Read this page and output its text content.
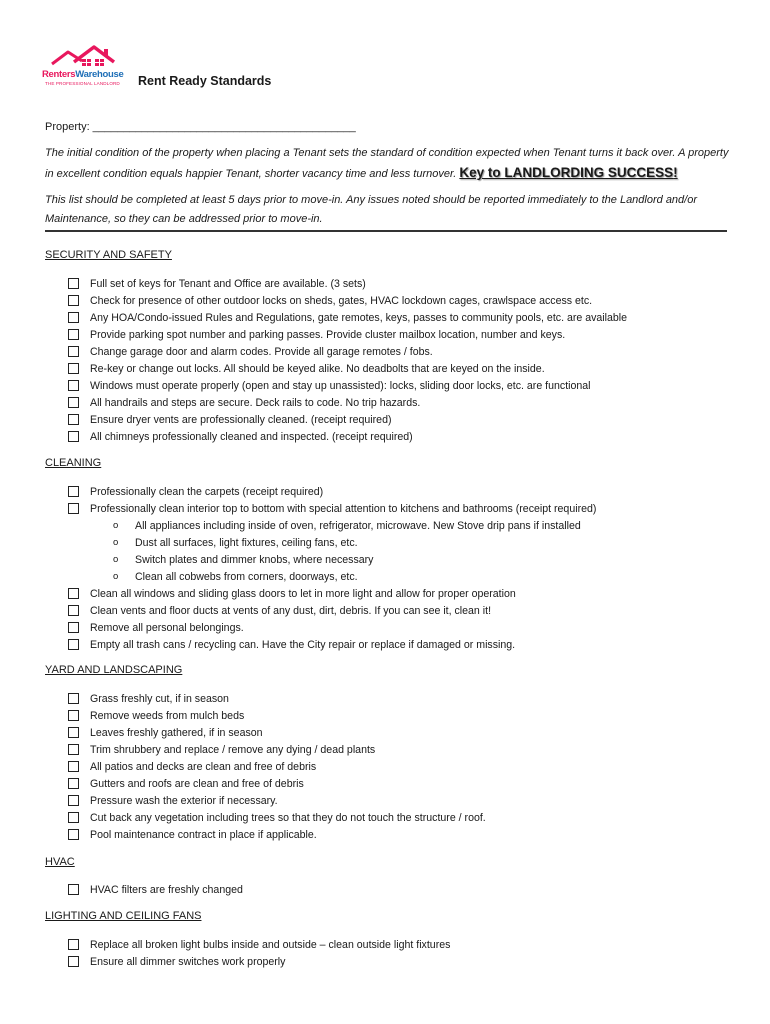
RentersWarehouse
THE PROFESSIONAL LANDLORD Rent Ready Standards
Property: ___________________________________________
The initial condition of the property when placing a Tenant sets the standard of condition expected when Tenant turns it back over. A property in excellent condition equals happier Tenant, shorter vacancy time and less turnover. Key to LANDLORDING SUCCESS!
This list should be completed at least 5 days prior to move-in. Any issues noted should be reported immediately to the Landlord and/or Maintenance, so they can be addressed prior to move-in.
SECURITY AND SAFETY
Full set of keys for Tenant and Office are available. (3 sets)
Check for presence of other outdoor locks on sheds, gates, HVAC lockdown cages, crawlspace access etc.
Any HOA/Condo-issued Rules and Regulations, gate remotes, keys, passes to community pools, etc. are available
Provide parking spot number and parking passes. Provide cluster mailbox location, number and keys.
Change garage door and alarm codes. Provide all garage remotes / fobs.
Re-key or change out locks. All should be keyed alike. No deadbolts that are keyed on the inside.
Windows must operate properly (open and stay up unassisted): locks, sliding door locks, etc. are functional
All handrails and steps are secure. Deck rails to code. No trip hazards.
Ensure dryer vents are professionally cleaned. (receipt required)
All chimneys professionally cleaned and inspected. (receipt required)
CLEANING
Professionally clean the carpets (receipt required)
Professionally clean interior top to bottom with special attention to kitchens and bathrooms (receipt required)
Clean all windows and sliding glass doors to let in more light and allow for proper operation
Clean vents and floor ducts at vents of any dust, dirt, debris. If you can see it, clean it!
Remove all personal belongings.
Empty all trash cans / recycling can. Have the City repair or replace if damaged or missing.
o	All appliances including inside of oven, refrigerator, microwave. New Stove drip pans if installed
o	Dust all surfaces, light fixtures, ceiling fans, etc.
o	Switch plates and dimmer knobs, where necessary
o	Clean all cobwebs from corners, doorways, etc.
YARD AND LANDSCAPING
Grass freshly cut, if in season
Remove weeds from mulch beds
Leaves freshly gathered, if in season
Trim shrubbery and replace / remove any dying / dead plants
All patios and decks are clean and free of debris
Gutters and roofs are clean and free of debris
Pressure wash the exterior if necessary.
Cut back any vegetation including trees so that they do not touch the structure / roof.
Pool maintenance contract in place if applicable.
HVAC
HVAC filters are freshly changed
LIGHTING AND CEILING FANS
Replace all broken light bulbs inside and outside – clean outside light fixtures
Ensure all dimmer switches work properly
